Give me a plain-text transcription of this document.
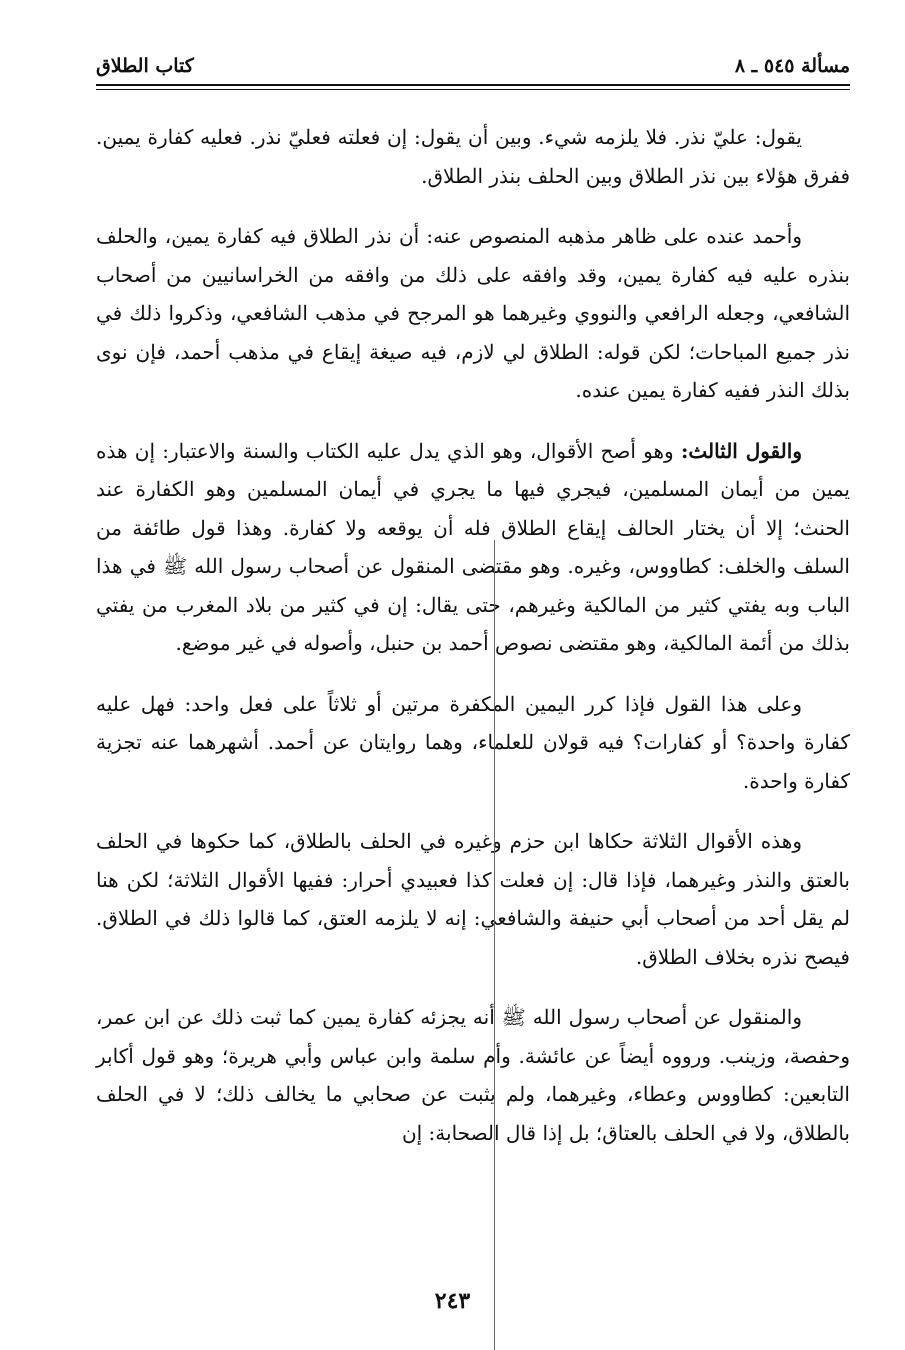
مسألة ٥٤٥ ـ ٨
كتاب الطلاق

يقول: عليّ نذر. فلا يلزمه شيء. وبين أن يقول: إن فعلته فعليّ نذر. فعليه كفارة يمين. ففرق هؤلاء بين نذر الطلاق وبين الحلف بنذر الطلاق.

وأحمد عنده على ظاهر مذهبه المنصوص عنه: أن نذر الطلاق فيه كفارة يمين، والحلف بنذره عليه فيه كفارة يمين، وقد وافقه على ذلك من وافقه من الخراسانيين من أصحاب الشافعي، وجعله الرافعي والنووي وغيرهما هو المرجح في مذهب الشافعي، وذكروا ذلك في نذر جميع المباحات؛ لكن قوله: الطلاق لي لازم، فيه صيغة إيقاع في مذهب أحمد، فإن نوى بذلك النذر ففيه كفارة يمين عنده.

والقول الثالث: وهو أصح الأقوال، وهو الذي يدل عليه الكتاب والسنة والاعتبار: إن هذه يمين من أيمان المسلمين، فيجري فيها ما يجري في أيمان المسلمين وهو الكفارة عند الحنث؛ إلا أن يختار الحالف إيقاع الطلاق فله أن يوقعه ولا كفارة. وهذا قول طائفة من السلف والخلف: كطاووس، وغيره. وهو مقتضى المنقول عن أصحاب رسول الله ﷺ في هذا الباب وبه يفتي كثير من المالكية وغيرهم، حتى يقال: إن في كثير من بلاد المغرب من يفتي بذلك من أئمة المالكية، وهو مقتضى نصوص أحمد بن حنبل، وأصوله في غير موضع.

وعلى هذا القول فإذا كرر اليمين المكفرة مرتين أو ثلاثاً على فعل واحد: فهل عليه كفارة واحدة؟ أو كفارات؟ فيه قولان للعلماء، وهما روايتان عن أحمد. أشهرهما عنه تجزية كفارة واحدة.

وهذه الأقوال الثلاثة حكاها ابن حزم وغيره في الحلف بالطلاق، كما حكوها في الحلف بالعتق والنذر وغيرهما، فإذا قال: إن فعلت كذا فعبيدي أحرار: ففيها الأقوال الثلاثة؛ لكن هنا لم يقل أحد من أصحاب أبي حنيفة والشافعي: إنه لا يلزمه العتق، كما قالوا ذلك في الطلاق. فيصح نذره بخلاف الطلاق.

والمنقول عن أصحاب رسول الله ﷺ أنه يجزئه كفارة يمين كما ثبت ذلك عن ابن عمر، وحفصة، وزينب. ورووه أيضاً عن عائشة. وأم سلمة وابن عباس وأبي هريرة؛ وهو قول أكابر التابعين: كطاووس وعطاء، وغيرهما، ولم يثبت عن صحابي ما يخالف ذلك؛ لا في الحلف بالطلاق، ولا في الحلف بالعتاق؛ بل إذا قال الصحابة: إن

٢٤٣
